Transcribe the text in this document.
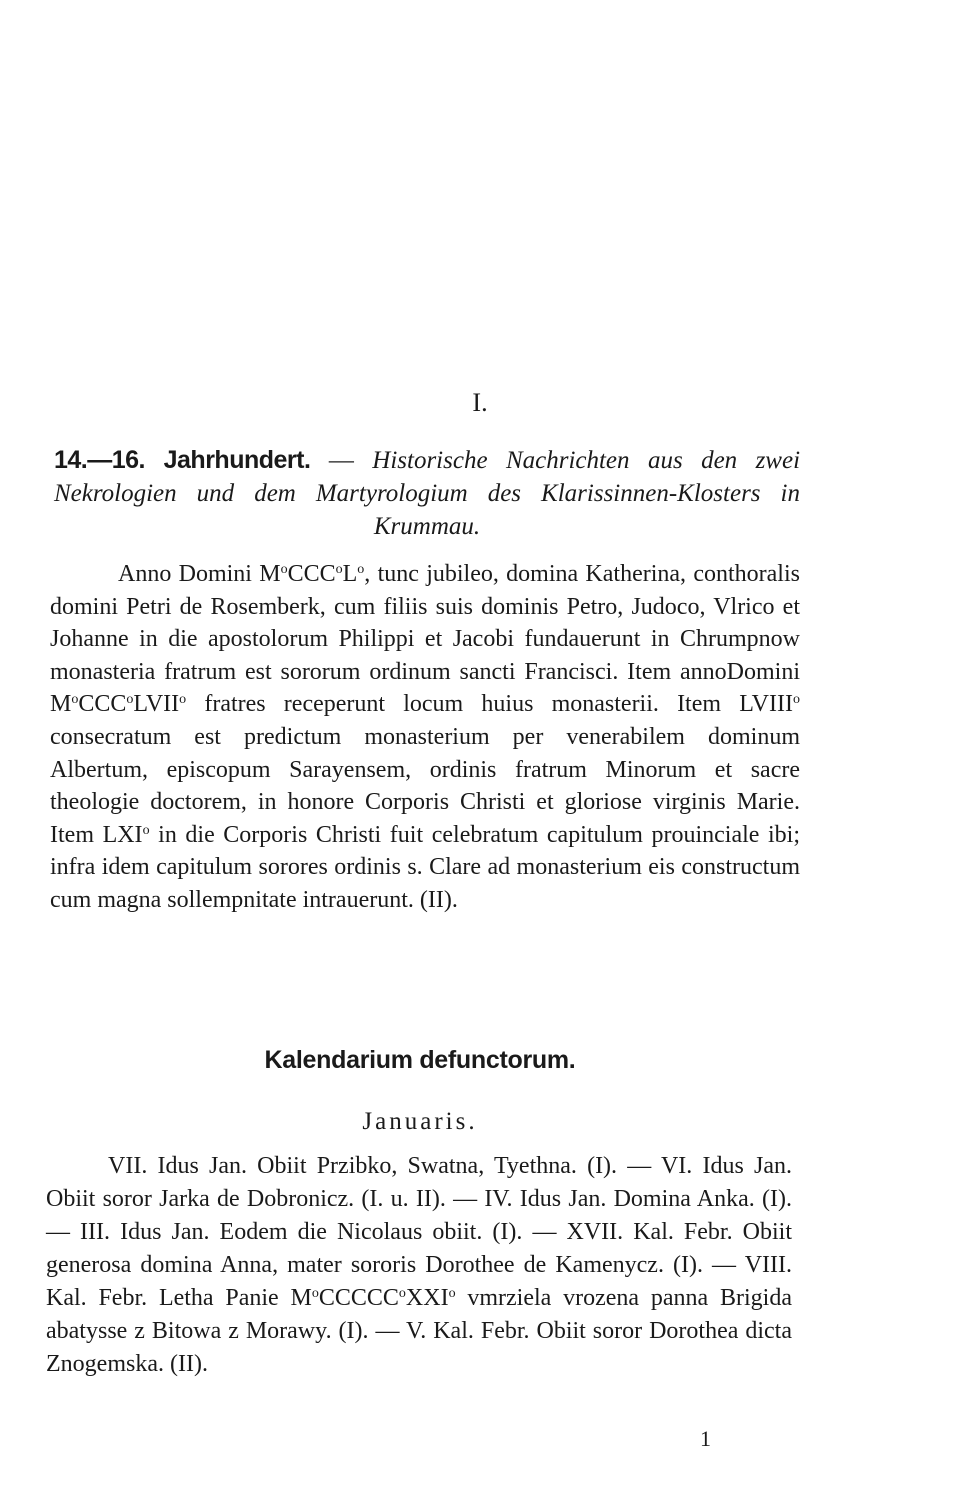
I.
14.—16. Jahrhundert. — Historische Nachrichten aus den zwei Nekrologien und dem Martyrologium des Klarissinnen-Klosters in Krummau.

Anno Domini $M^oCCC^oL^o$, tunc jubileo, domina Katherina, conthoralis domini Petri de Rosemberk, cum filiis suis dominis Petro, Judoco, Vlrico et Johanne in die apostolorum Philippi et Jacobi fundauerunt in Chrumpnow monasteria fratrum est sororum ordinum sancti Francisci. Item annoDomini $M^oCCC^oLVII^o$ fratres receperunt locum huius monasterii. Item LVIII$^o$ consecratum est predictum monasterium per venerabilem dominum Albertum, episcopum Sarayensem, ordinis fratrum Minorum et sacre theologie doctorem, in honore Corporis Christi et gloriose virginis Marie. Item LXI$^o$ in die Corporis Christi fuit celebratum capitulum prouinciale ibi; infra idem capitulum sorores ordinis s. Clare ad monasterium eis constructum cum magna sollempnitate intrauerunt. (II).

Kalendarium defunctorum.
Januaris.

VII. Idus Jan. Obiit Przibko, Swatna, Tyethna. (I). — VI. Idus Jan. Obiit soror Jarka de Dobronicz. (I. u. II). — IV. Idus Jan. Domina Anka. (I). — III. Idus Jan. Eodem die Nicolaus obiit. (I). — XVII. Kal. Febr. Obiit generosa domina Anna, mater sororis Dorothee de Kamenycz. (I). — VIII. Kal. Febr. Letha Panie $M^oCCCCC^oXXI^o$ vmrziela vrozena panna Brigida abatysse z Bitowa z Morawy. (I). — V. Kal. Febr. Obiit soror Dorothea dicta Znogemska. (II).

1
